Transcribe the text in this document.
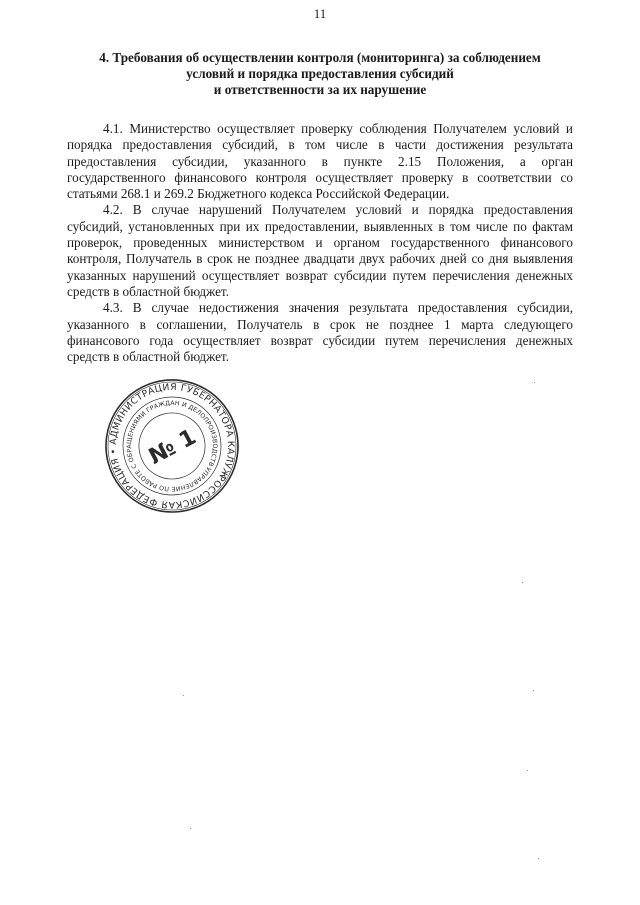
11
4. Требования об осуществлении контроля (мониторинга) за соблюдением
условий и порядка предоставления субсидий
и ответственности за их нарушение

4.1. Министерство осуществляет проверку соблюдения Получателем условий и
порядка предоставления субсидий, в том числе в части достижения результата
предоставления субсидии, указанного в пункте 2.15 Положения, а орган
государственного финансового контроля осуществляет проверку в соответствии со
статьями 268.1 и 269.2 Бюджетного кодекса Российской Федерации.

4.2. В случае нарушений Получателем условий и порядка предоставления
субсидий, установленных при их предоставлении, выявленных в том числе по фактам
проверок, проведенных министерством и органом государственного финансового
контроля, Получатель в срок не позднее двадцати двух рабочих дней со дня выявления
указанных нарушений осуществляет возврат субсидии путем перечисления денежных
средств в областной бюджет.

4.3. В случае недостижения значения результата предоставления субсидии,
указанного в соглашении, Получатель в срок не позднее 1 марта следующего
финансового года осуществляет возврат субсидии путем перечисления денежных
средств в областной бюджет.

РОССИЙСКАЯ ФЕДЕРАЦИЯ • АДМИНИСТРАЦИЯ ГУБЕРНАТОРА КАЛУЖСКОЙ
УПРАВЛЕНИЕ ПО РАБОТЕ С ОБРАЩЕНИЯМИ ГРАЖДАН И ДЕЛОПРОИЗВОДСТВА
№ 1
